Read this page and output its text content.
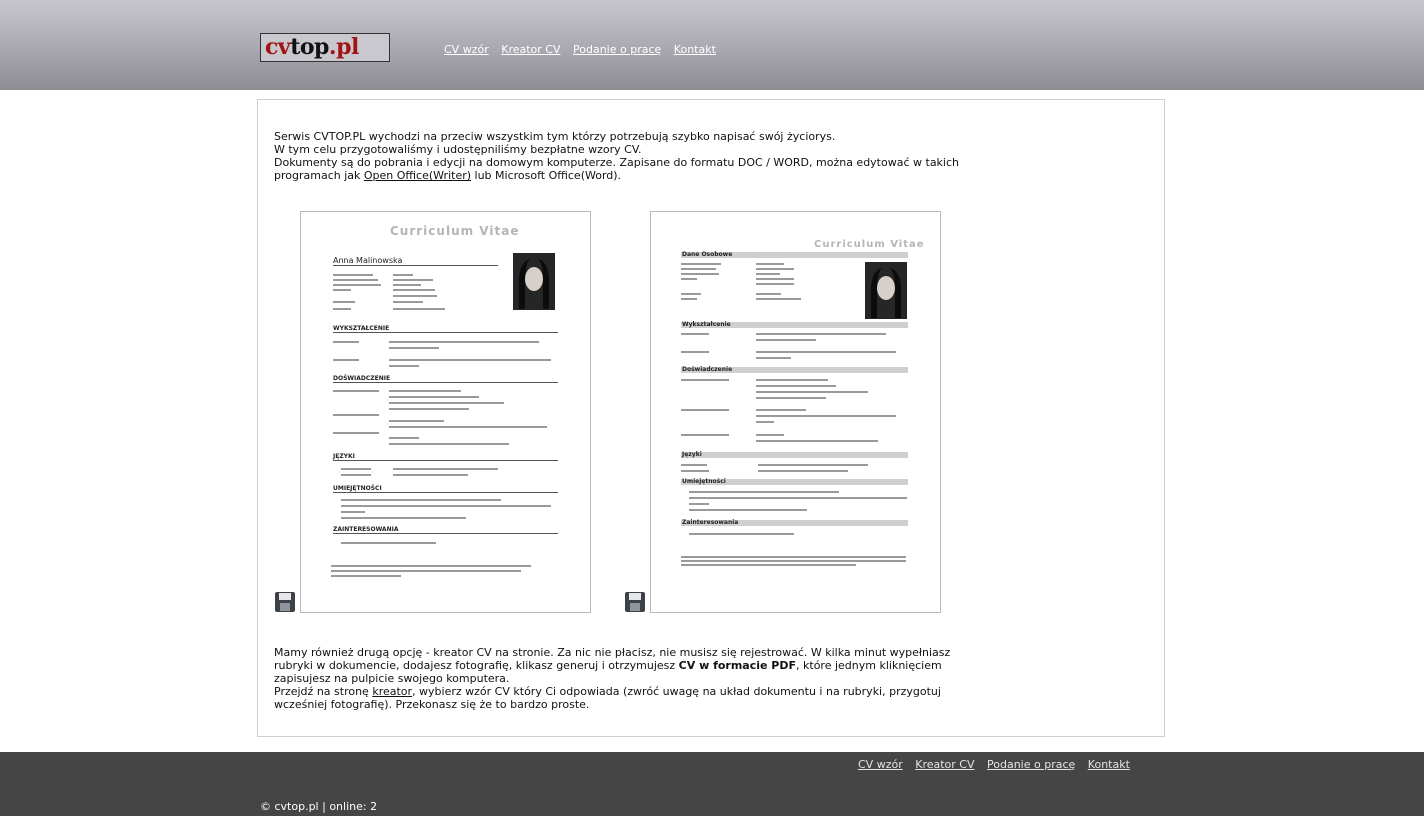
cvtop.pl	CV wzór Kreator CV Podanie o pracę Kontakt

Serwis CVTOP.PL wychodzi na przeciw wszystkim tym którzy potrzebują szybko napisać swój życiorys.

W tym celu przygotowaliśmy i udostępniliśmy bezpłatne wzory CV.

Dokumenty są do pobrania i edycji na domowym komputerze. Zapisane do formatu DOC / WORD, można edytować w takich programach jak Open Office(Writer) lub Microsoft Office(Word).

Curriculum Vitae
Anna Malinowska
WYKSZTAŁCENIE
DOŚWIADCZENIE
JĘZYKI
UMIEJĘTNOŚCI
ZAINTERESOWANIA
Curriculum Vitae
Dane Osobowe
Wykształcenie
Doświadczenie
Języki
Umiejętności
Zainteresowania

Mamy również drugą opcję - kreator CV na stronie. Za nic nie płacisz, nie musisz się rejestrować. W kilka minut wypełniasz rubryki w dokumencie, dodajesz fotografię, klikasz generuj i otrzymujesz CV w formacie PDF, które jednym kliknięciem zapisujesz na pulpicie swojego komputera.

Przejdź na stronę kreator, wybierz wzór CV który Ci odpowiada (zwróć uwagę na układ dokumentu i na rubryki, przygotuj wcześniej fotografię). Przekonasz się że to bardzo proste.

CV wzór Kreator CV Podanie o pracę Kontakt
© cvtop.pl | online: 2
